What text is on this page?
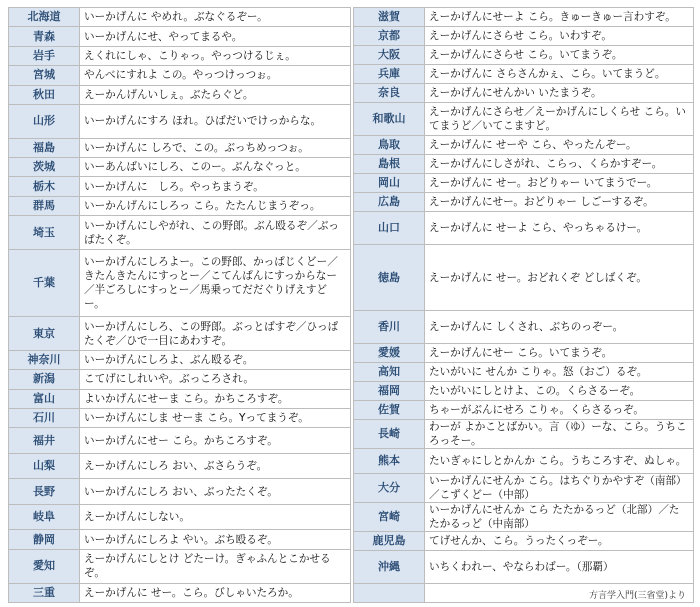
北海道	いーかげんに やめれ。ぶなぐるぞー。
青森	いーかげんにせ、やってまるや。
岩手	えくれにしゃ、こりゃっ。やっつけるじぇ。
宮城	やんべにすれよ この。やっつけっつぉ。
秋田	えーかんげんいしぇ。ぶたらぐど。
山形	いーかげんにすろ ほれ。ひばだいでけっからな。
福島	いーかげんに しろで、この。ぶっちめっつぉ。
茨城	いーあんばいにしろ、このー。ぶんなぐっと。
栃木	いーかげんに　しろ。やっちまうぞ。
群馬	いーかんげんにしろっ こら。たたんじまうぞっ。
埼玉	いーかげんにしやがれ、この野郎。ぶん殴るぞ／ぶっぱたくぞ。
千葉	いーかげんにしろよー。この野郎、かっぱじくどー／きたんきたんにすっとー／こてんぱんにすっからなー／半ごろしにすっとー／馬乗ってだだぐりげえすどー。
東京	いーかげんにしろ、この野郎。ぶっとばすぞ／ひっぱたくぞ／ひで一目にあわすぞ。
神奈川	いーかげんにしろよ、ぶん殴るぞ。
新潟	こてげにしれいや。ぶっころされ。
富山	よいかげんにせーま こら。かちころすぞ。
石川	いーかげんにしま せーま こら。Yってまうぞ。
福井	いーかげんにせー こら。かちころすぞ。
山梨	えーかげんにしろ おい、ぶさらうぞ。
長野	いーかげんにしろ おい、ぶったたくぞ。
岐阜	えーかげんにしない。
静岡	いーかげんにしろよ やい。ぶち殴るぞ。
愛知	えーかげんにしとけ どたーけ。ぎゃふんとこかせるぞ。
三重	えーかげんに せー。こら。びしゃいたろか。
滋賀	えーかげんにせーよ こら。きゅーきゅー言わすぞ。
京都	えーかげんにさらせ こら。いわすぞ。
大阪	えーかげんにさらせ こら。いてまうぞ。
兵庫	えーかげんに さらさんかぇ、こら。いてまうど。
奈良	えーかげんにせんかい いたまうぞ。
和歌山	えーかげんにさらせ／えーかげんにしくらせ こら。いてまうど／いてこますど。
鳥取	えーかげんに せーや こら、やったんぞー。
島根	えーかげんにしさがれ、こらっ、くらかすぞー。
岡山	えーかげんに せー。おどりゃー いてまうでー。
広島	えーかげんにせー。おどりゃー しごーするぞ。
山口	えーかげんに せーよ こら、やっちゃるけー。
徳島	えーかげんに せー。おどれくぞ どしばくぞ。
香川	えーかげんに しくされ、ぶちのっぞー。
愛媛	えーかげんにせー こら。いてまうぞ。
高知	たいがいに せんか こりゃ。怒（おご）るぞ。
福岡	たいがいにしとけよ、この。くらさるーぞ。
佐賀	ちゃーがぶんにせろ こりゃ。くらさるっぞ。
長崎	わーが よかことばかい。言（ゆ）ーな、こら。うちころっそー。
熊本	たいぎゃにしとかんか こら。うちころすぞ、ぬしゃ。
大分	いーかげんにせんか こら。はちぐりかやすぞ（南部）／こずくどー（中部）
宮崎	いーかげんにせんか こら たたかるっど（北部）／たたかるっど（中南部）
鹿児島	てげせんか、こら。うったくっぞー。
沖縄	いちくわれー、やならわばー。（那覇）

方言学入門(三省堂)より
